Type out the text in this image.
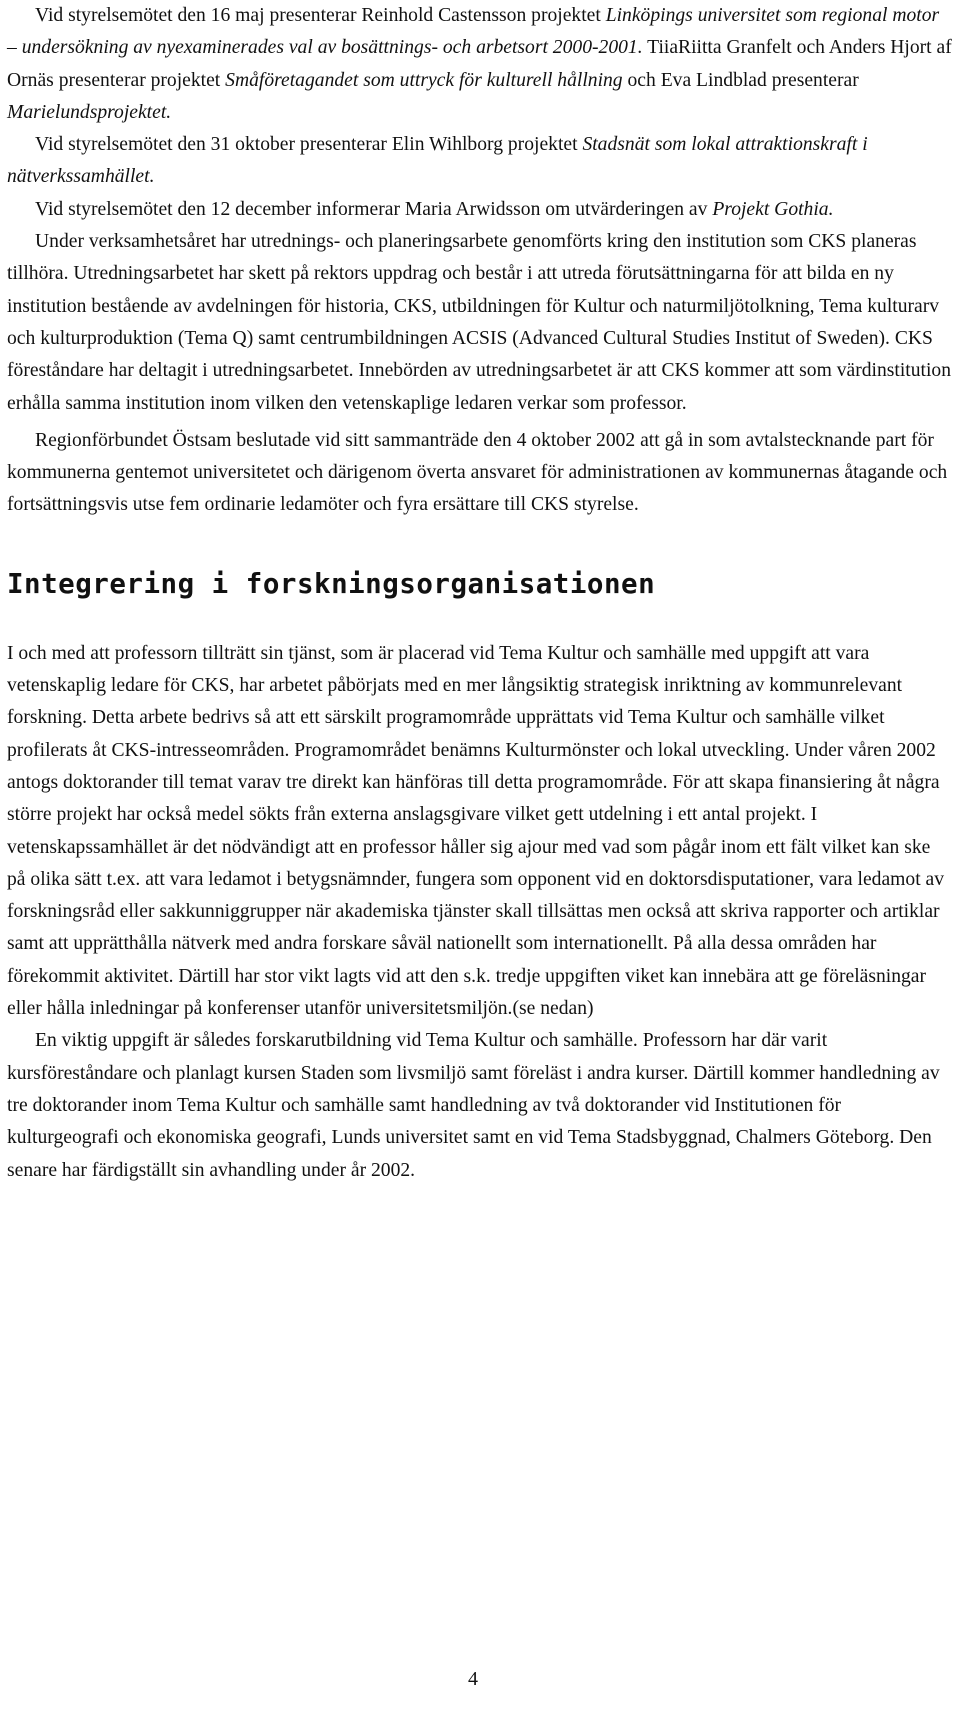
Vid styrelsemötet den 16 maj presenterar Reinhold Castensson projektet Linköpings universitet som regional motor – undersökning av nyexaminerades val av bosättnings- och arbetsort 2000-2001. TiiaRiitta Granfelt och Anders Hjort af Ornäs presenterar projektet Småföretagandet som uttryck för kulturell hållning och Eva Lindblad presenterar Marielundsprojektet.

Vid styrelsemötet den 31 oktober presenterar Elin Wihlborg projektet Stadsnät som lokal attraktionskraft i nätverkssamhället.

Vid styrelsemötet den 12 december informerar Maria Arwidsson om utvärderingen av Projekt Gothia.

Under verksamhetsåret har utrednings- och planeringsarbete genomförts kring den institution som CKS planeras tillhöra. Utredningsarbetet har skett på rektors uppdrag och består i att utreda förutsättningarna för att bilda en ny institution bestående av avdelningen för historia, CKS, utbildningen för Kultur och naturmiljötolkning, Tema kulturarv och kulturproduktion (Tema Q) samt centrumbildningen ACSIS (Advanced Cultural Studies Institut of Sweden). CKS föreståndare har deltagit i utredningsarbetet. Innebörden av utredningsarbetet är att CKS kommer att som värdinstitution erhålla samma institution inom vilken den vetenskaplige ledaren verkar som professor.

Regionförbundet Östsam beslutade vid sitt sammanträde den 4 oktober 2002 att gå in som avtalstecknande part för kommunerna gentemot universitetet och därigenom överta ansvaret för administrationen av kommunernas åtagande och fortsättningsvis utse fem ordinarie ledamöter och fyra ersättare till CKS styrelse.

Integrering i forskningsorganisationen

I och med att professorn tillträtt sin tjänst, som är placerad vid Tema Kultur och samhälle med uppgift att vara vetenskaplig ledare för CKS, har arbetet påbörjats med en mer långsiktig strategisk inriktning av kommunrelevant forskning. Detta arbete bedrivs så att ett särskilt programområde upprättats vid Tema Kultur och samhälle vilket profilerats åt CKS-intresseområden. Programområdet benämns Kulturmönster och lokal utveckling. Under våren 2002 antogs doktorander till temat varav tre direkt kan hänföras till detta programområde. För att skapa finansiering åt några större projekt har också medel sökts från externa anslagsgivare vilket gett utdelning i ett antal projekt. I vetenskapssamhället är det nödvändigt att en professor håller sig ajour med vad som pågår inom ett fält vilket kan ske på olika sätt t.ex. att vara ledamot i betygsnämnder, fungera som opponent vid en doktorsdisputationer, vara ledamot av forskningsråd eller sakkunniggrupper när akademiska tjänster skall tillsättas men också att skriva rapporter och artiklar samt att upprätthålla nätverk med andra forskare såväl nationellt som internationellt. På alla dessa områden har förekommit aktivitet. Därtill har stor vikt lagts vid att den s.k. tredje uppgiften viket kan innebära att ge föreläsningar eller hålla inledningar på konferenser utanför universitetsmiljön.(se nedan)

En viktig uppgift är således forskarutbildning vid Tema Kultur och samhälle. Professorn har där varit kursföreståndare och planlagt kursen Staden som livsmiljö samt föreläst i andra kurser. Därtill kommer handledning av tre doktorander inom Tema Kultur och samhälle samt handledning av två doktorander vid Institutionen för kulturgeografi och ekonomiska geografi, Lunds universitet samt en vid Tema Stadsbyggnad, Chalmers Göteborg. Den senare har färdigställt sin avhandling under år 2002.

4
